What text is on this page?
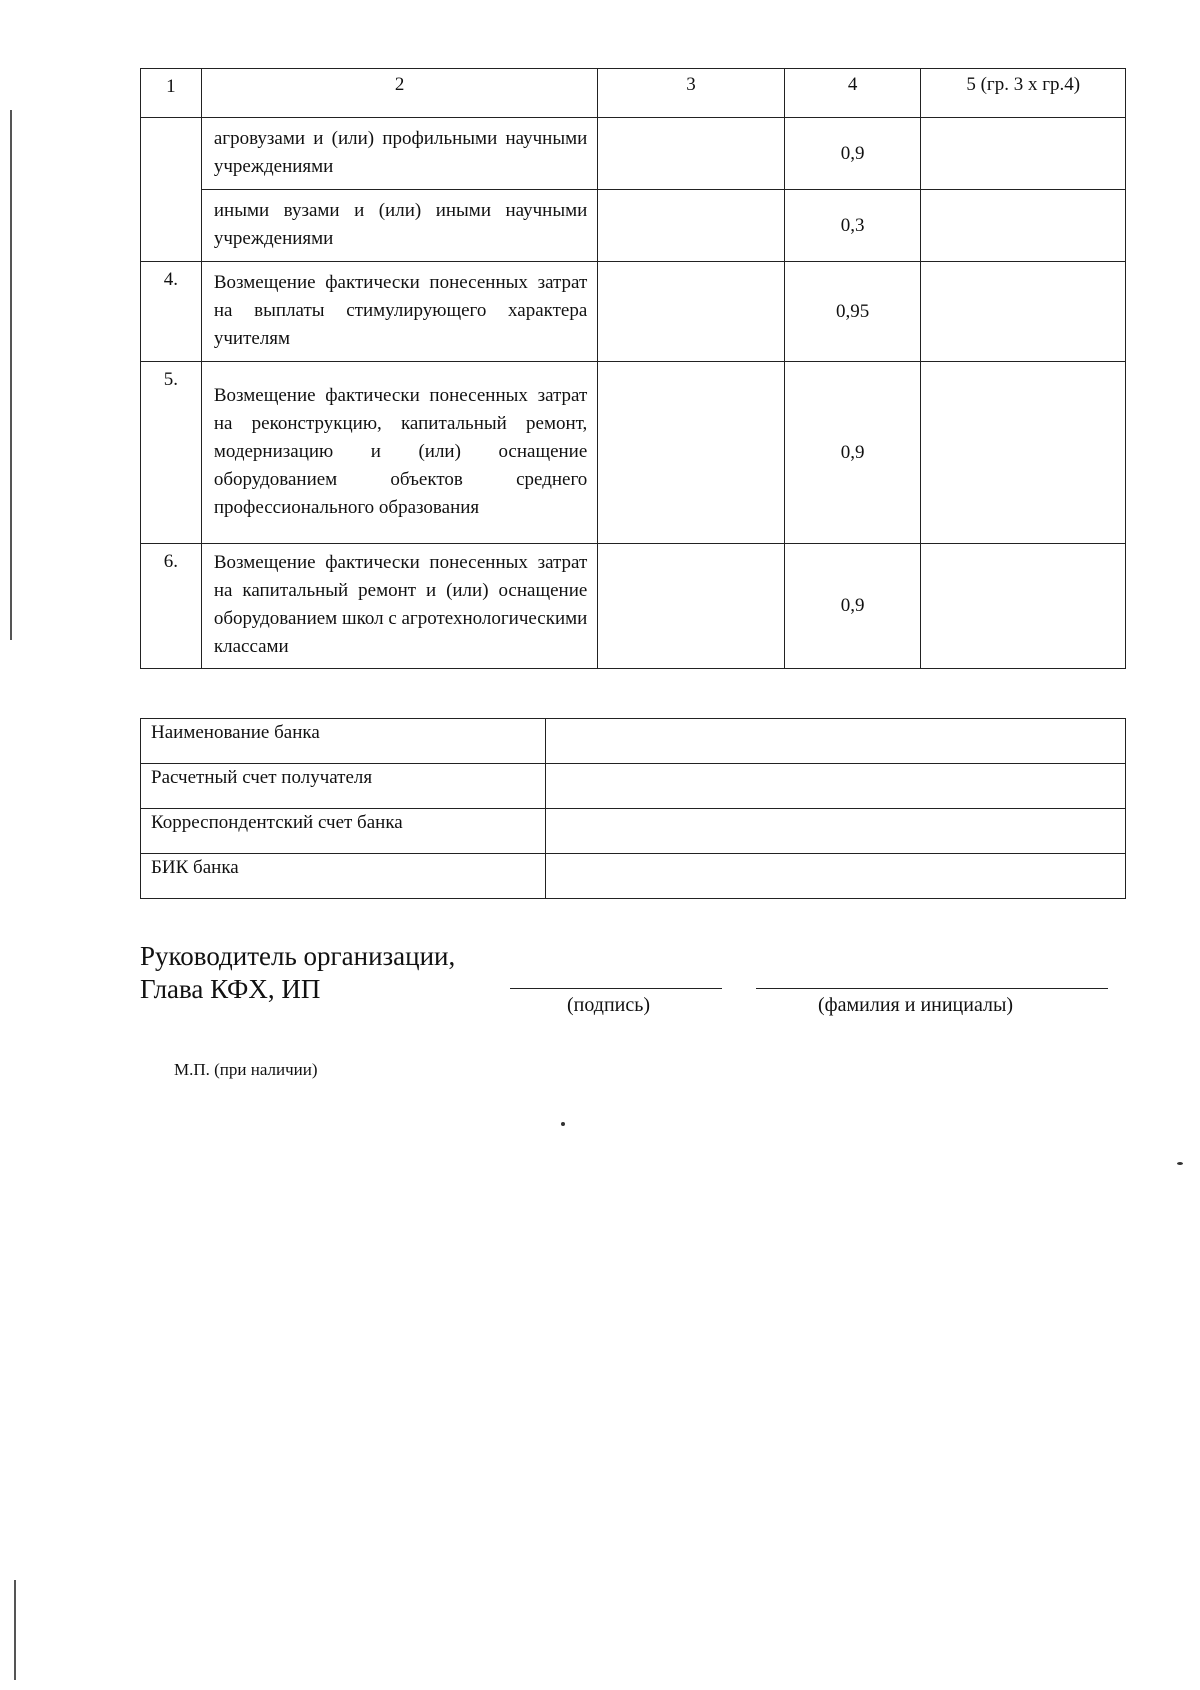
1	2	3	4	5 (гр. 3 х гр.4)

	агровузами и (или) профильными научными учреждениями		0,9	

	иными вузами и (или) иными научными учреждениями		0,3	
4.	Возмещение фактически понесенных затрат на выплаты стимулирующего характера учителям		0,95	
5.	Возмещение фактически понесенных затрат на реконструкцию, капитальный ремонт, модернизацию и (или) оснащение оборудованием объектов среднего профессионального образования		0,9	
6.	Возмещение фактически понесенных затрат на капитальный ремонт и (или) оснащение оборудованием школ с агротехнологическими классами		0,9	
Наименование банка	
Расчетный счет получателя	
Корреспондентский счет банка	
БИК банка	
Руководитель организации,
Глава КФХ, ИП
(подпись)	(фамилия и инициалы)
М.П. (при наличии)
